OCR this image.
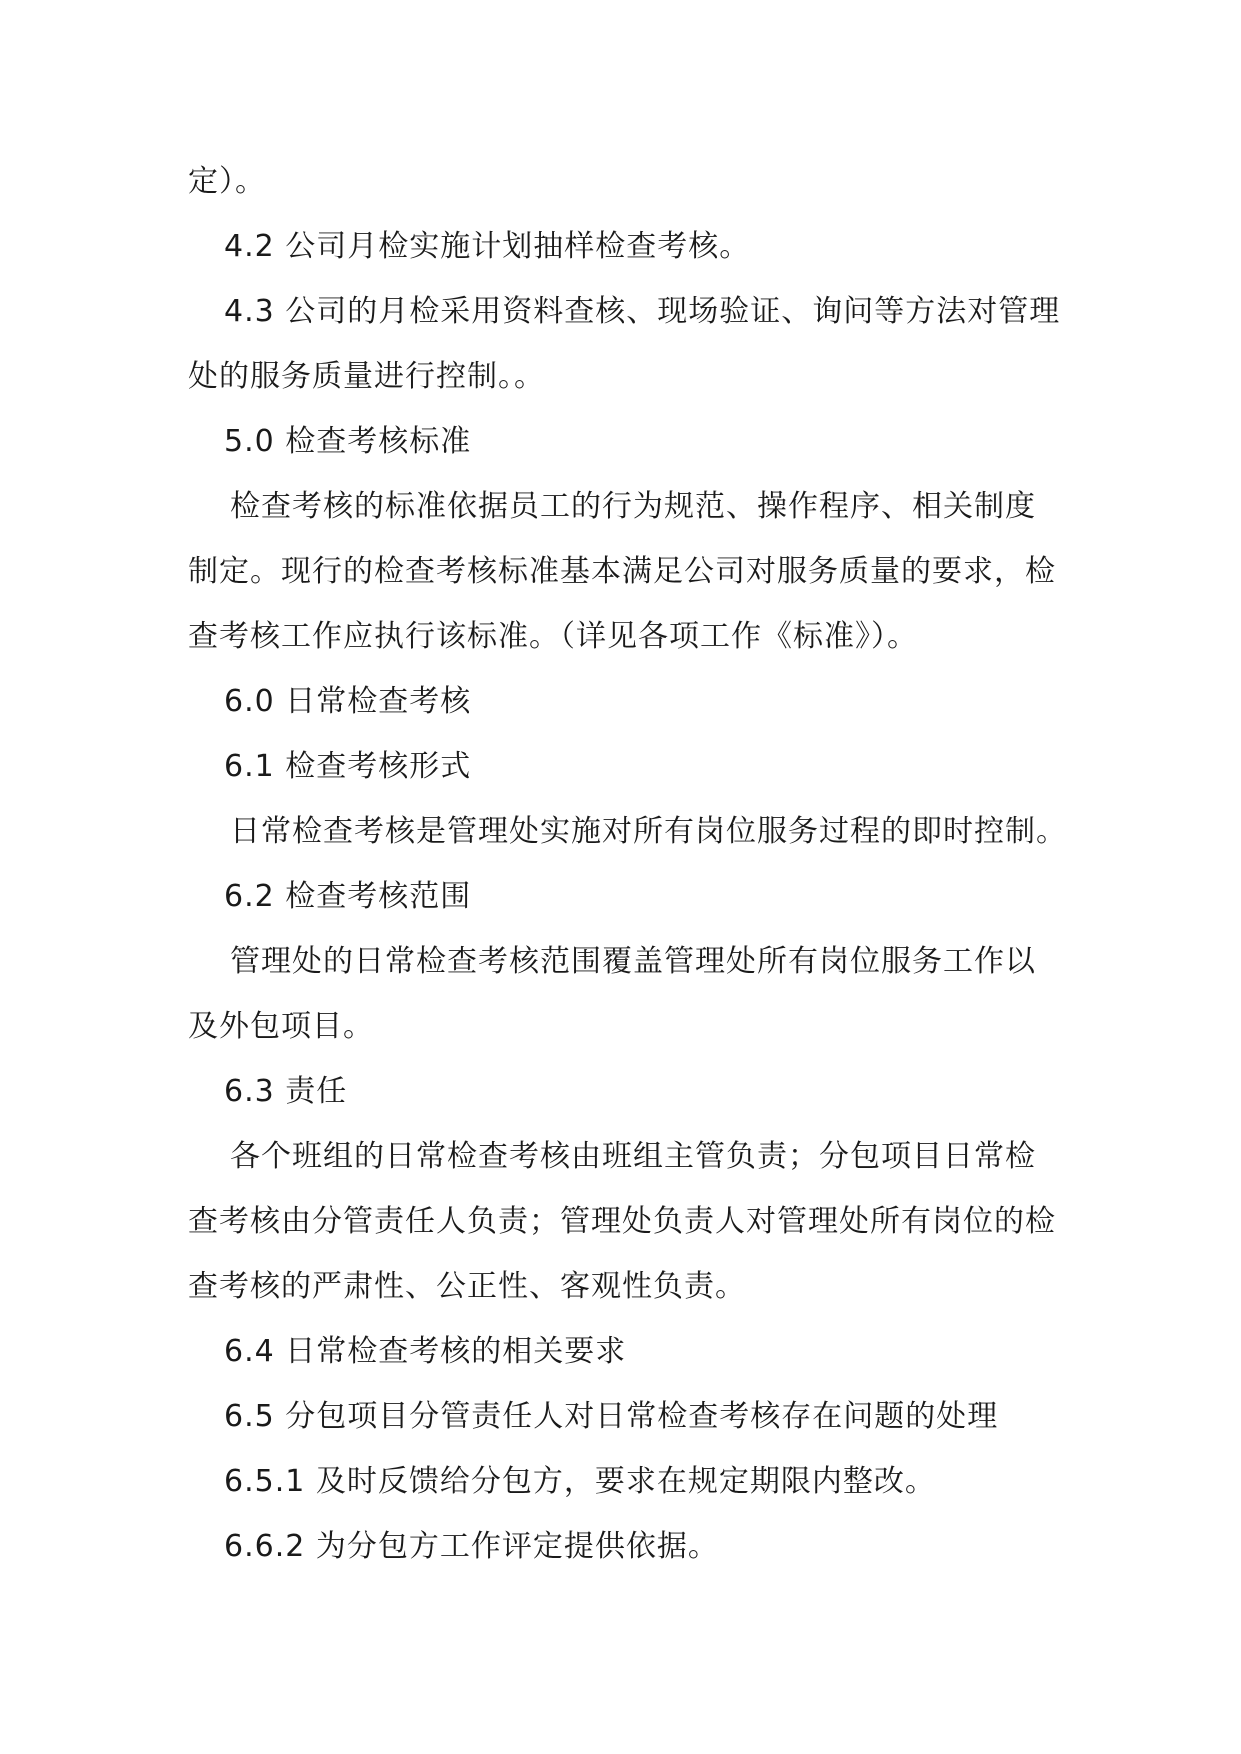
定）。
4.2 公司月检实施计划抽样检查考核。
4.3 公司的月检采用资料查核、现场验证、询问等方法对管理
处的服务质量进行控制。。
5.0 检查考核标准
检查考核的标准依据员工的行为规范、操作程序、相关制度
制定。现行的检查考核标准基本满足公司对服务质量的要求，检
查考核工作应执行该标准。（详见各项工作《标准》）。
6.0 日常检查考核
6.1 检查考核形式
日常检查考核是管理处实施对所有岗位服务过程的即时控制。
6.2 检查考核范围
管理处的日常检查考核范围覆盖管理处所有岗位服务工作以
及外包项目。
6.3 责任
各个班组的日常检查考核由班组主管负责；分包项目日常检
查考核由分管责任人负责；管理处负责人对管理处所有岗位的检
查考核的严肃性、公正性、客观性负责。
6.4 日常检查考核的相关要求
6.5 分包项目分管责任人对日常检查考核存在问题的处理
6.5.1 及时反馈给分包方，要求在规定期限内整改。
6.6.2 为分包方工作评定提供依据。
